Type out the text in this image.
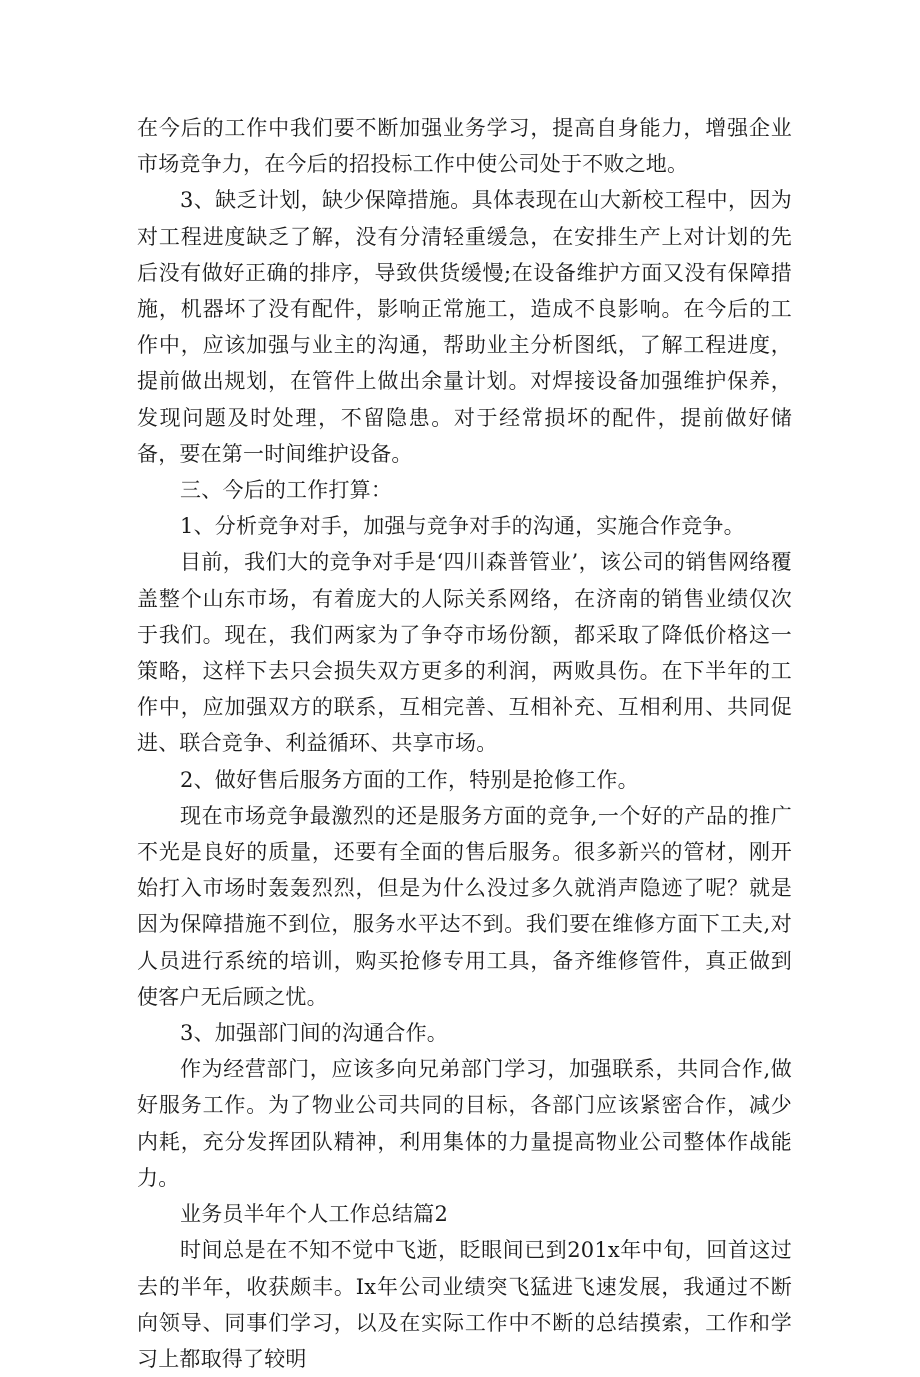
在今后的工作中我们要不断加强业务学习，提高自身能力，增强企业市场竞争力，在今后的招投标工作中使公司处于不败之地。

3、缺乏计划，缺少保障措施。具体表现在山大新校工程中，因为对工程进度缺乏了解，没有分清轻重缓急，在安排生产上对计划的先后没有做好正确的排序，导致供货缓慢;在设备维护方面又没有保障措施，机器坏了没有配件，影响正常施工，造成不良影响。在今后的工作中，应该加强与业主的沟通，帮助业主分析图纸，了解工程进度，提前做出规划，在管件上做出余量计划。对焊接设备加强维护保养，发现问题及时处理，不留隐患。对于经常损坏的配件，提前做好储备，要在第一时间维护设备。

三、今后的工作打算：

1、分析竞争对手，加强与竞争对手的沟通，实施合作竞争。

目前，我们大的竞争对手是‘四川森普管业’，该公司的销售网络覆盖整个山东市场，有着庞大的人际关系网络，在济南的销售业绩仅次于我们。现在，我们两家为了争夺市场份额，都采取了降低价格这一策略，这样下去只会损失双方更多的利润，两败具伤。在下半年的工作中，应加强双方的联系，互相完善、互相补充、互相利用、共同促进、联合竞争、利益循环、共享市场。

2、做好售后服务方面的工作，特别是抢修工作。

现在市场竞争最激烈的还是服务方面的竞争,一个好的产品的推广不光是良好的质量，还要有全面的售后服务。很多新兴的管材，刚开始打入市场时轰轰烈烈，但是为什么没过多久就消声隐迹了呢？就是因为保障措施不到位，服务水平达不到。我们要在维修方面下工夫,对人员进行系统的培训，购买抢修专用工具，备齐维修管件，真正做到使客户无后顾之忧。

3、加强部门间的沟通合作。

作为经营部门，应该多向兄弟部门学习，加强联系，共同合作,做好服务工作。为了物业公司共同的目标，各部门应该紧密合作，减少内耗，充分发挥团队精神，利用集体的力量提高物业公司整体作战能力。

业务员半年个人工作总结篇2

时间总是在不知不觉中飞逝，眨眼间已到201x年中旬，回首这过去的半年，收获颇丰。Ix年公司业绩突飞猛进飞速发展，我通过不断向领导、同事们学习，以及在实际工作中不断的总结摸索，工作和学习上都取得了较明
